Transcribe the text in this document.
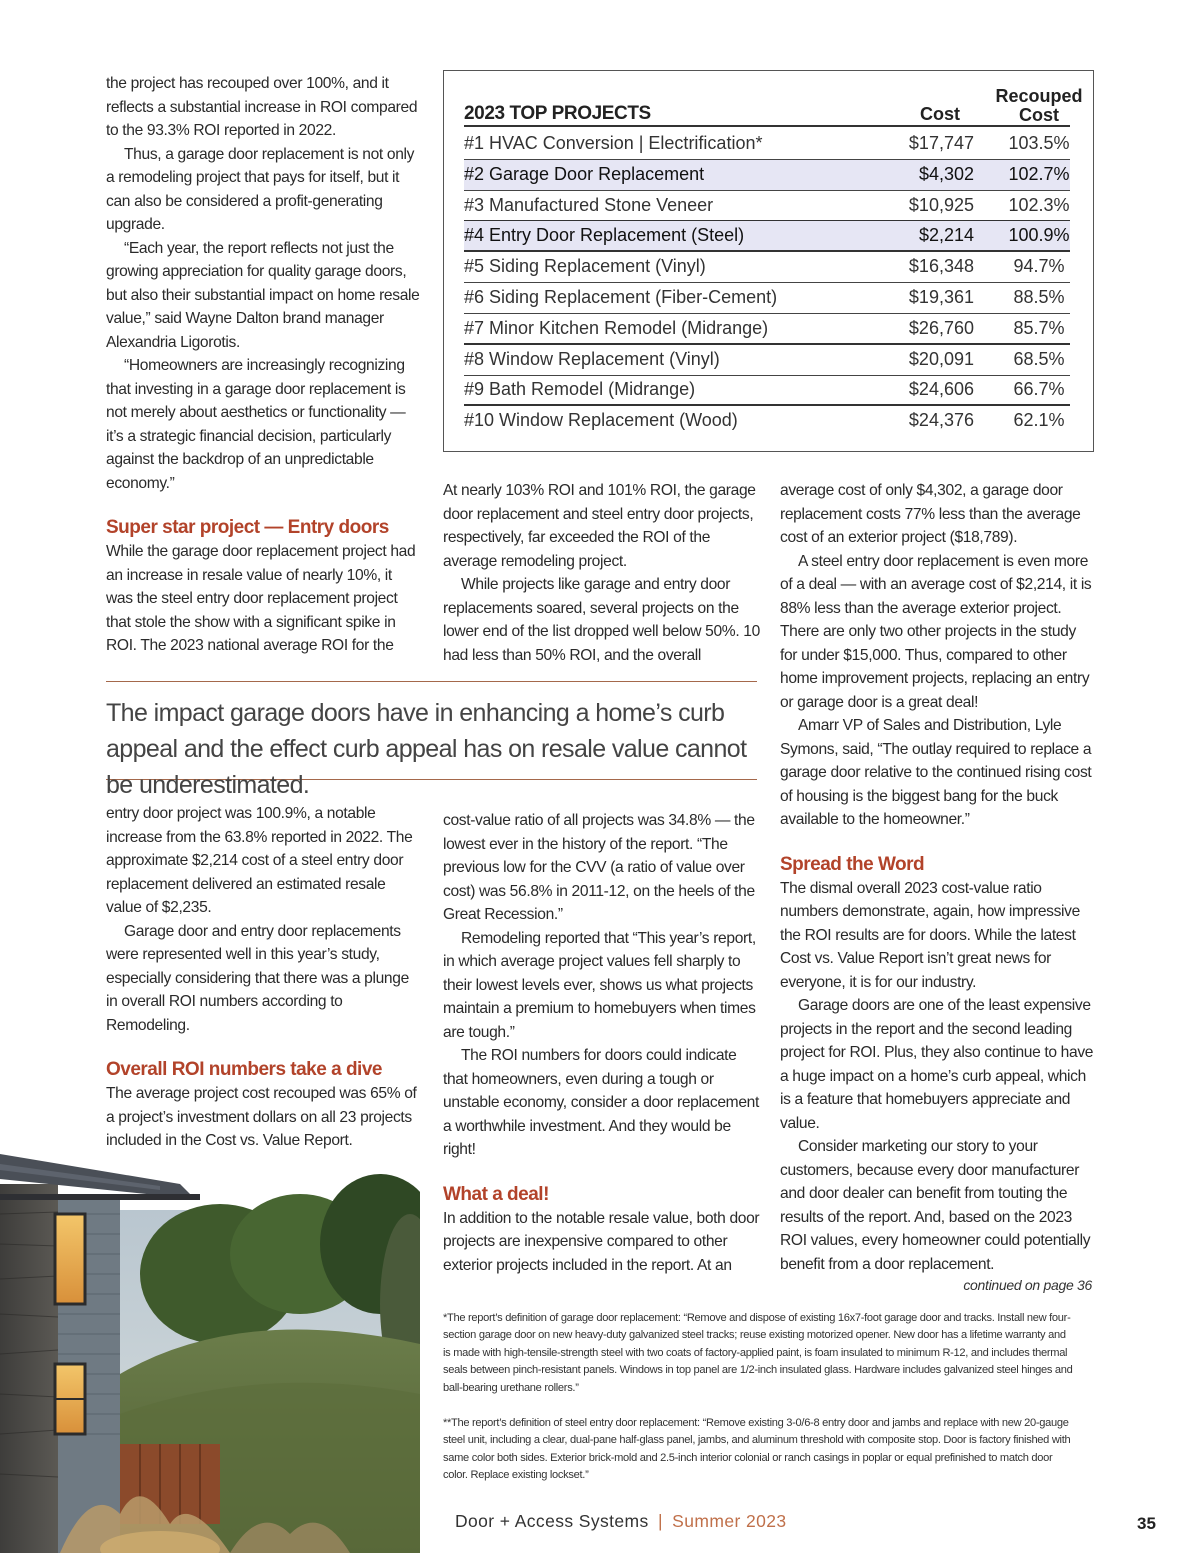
the project has recouped over 100%, and it reflects a substantial increase in ROI compared to the 93.3% ROI reported in 2022.

Thus, a garage door replacement is not only a remodeling project that pays for itself, but it can also be considered a profit-generating upgrade.

“Each year, the report reflects not just the growing appreciation for quality garage doors, but also their substantial impact on home resale value,” said Wayne Dalton brand manager Alexandria Ligorotis.

“Homeowners are increasingly recognizing that investing in a garage door replacement is not merely about aesthetics or functionality — it’s a strategic financial decision, particularly against the backdrop of an unpredictable economy.”

Super star project — Entry doors

While the garage door replacement project had an increase in resale value of nearly 10%, it was the steel entry door replacement project that stole the show with a significant spike in ROI. The 2023 national average ROI for the

2023 TOP PROJECTS	Cost
Recouped
Cost
#1 HVAC Conversion | Electrification*	$17,747	103.5%
#2 Garage Door Replacement	$4,302	102.7%
#3 Manufactured Stone Veneer	$10,925	102.3%
#4 Entry Door Replacement (Steel)	$2,214	100.9%
#5 Siding Replacement (Vinyl)	$16,348	94.7%
#6 Siding Replacement (Fiber-Cement)	$19,361	88.5%
#7 Minor Kitchen Remodel (Midrange)	$26,760	85.7%
#8 Window Replacement (Vinyl)	$20,091	68.5%
#9 Bath Remodel (Midrange)	$24,606	66.7%
#10 Window Replacement (Wood)	$24,376	62.1%

At nearly 103% ROI and 101% ROI, the garage door replacement and steel entry door projects, respectively, far exceeded the ROI of the average remodeling project.

While projects like garage and entry door replacements soared, several projects on the lower end of the list dropped well below 50%. 10 had less than 50% ROI, and the overall

average cost of only $4,302, a garage door replacement costs 77% less than the average cost of an exterior project ($18,789).

A steel entry door replacement is even more of a deal — with an average cost of $2,214, it is 88% less than the average exterior project. There are only two other projects in the study for under $15,000. Thus, compared to other home improvement projects, replacing an entry or garage door is a great deal!

Amarr VP of Sales and Distribution, Lyle Symons, said, “The outlay required to replace a garage door relative to the continued rising cost of housing is the biggest bang for the buck available to the homeowner.”

Spread the Word

The dismal overall 2023 cost-value ratio numbers demonstrate, again, how impressive the ROI results are for doors. While the latest Cost vs. Value Report isn’t great news for everyone, it is for our industry.

Garage doors are one of the least expensive projects in the report and the second leading project for ROI. Plus, they also continue to have a huge impact on a home’s curb appeal, which is a feature that homebuyers appreciate and value.

Consider marketing our story to your customers, because every door manufacturer and door dealer can benefit from touting the results of the report. And, based on the 2023 ROI values, every homeowner could potentially benefit from a door replacement.

continued on page 36
The impact garage doors have in enhancing a home’s curb appeal and the effect curb appeal has on resale value cannot be underestimated.

entry door project was 100.9%, a notable increase from the 63.8% reported in 2022. The approximate $2,214 cost of a steel entry door replacement delivered an estimated resale value of $2,235.

Garage door and entry door replacements were represented well in this year’s study, especially considering that there was a plunge in overall ROI numbers according to Remodeling.

Overall ROI numbers take a dive

The average project cost recouped was 65% of a project’s investment dollars on all 23 projects included in the Cost vs. Value Report.

cost-value ratio of all projects was 34.8% — the lowest ever in the history of the report. “The previous low for the CVV (a ratio of value over cost) was 56.8% in 2011-12, on the heels of the Great Recession.”

Remodeling reported that “This year’s report, in which average project values fell sharply to their lowest levels ever, shows us what projects maintain a premium to homebuyers when times are tough.”

The ROI numbers for doors could indicate that homeowners, even during a tough or unstable economy, consider a door replacement a worthwhile investment. And they would be right!

What a deal!

In addition to the notable resale value, both door projects are inexpensive compared to other exterior projects included in the report. At an

*The report’s definition of garage door replacement: “Remove and dispose of existing 16x7-foot garage door and tracks. Install new four-section garage door on new heavy-duty galvanized steel tracks; reuse existing motorized opener. New door has a lifetime warranty and is made with high-tensile-strength steel with two coats of factory-applied paint, is foam insulated to minimum R-12, and includes thermal seals between pinch-resistant panels. Windows in top panel are 1/2-inch insulated glass. Hardware includes galvanized steel hinges and ball-bearing urethane rollers.”
**The report’s definition of steel entry door replacement: “Remove existing 3-0/6-8 entry door and jambs and replace with new 20-gauge steel unit, including a clear, dual-pane half-glass panel, jambs, and aluminum threshold with composite stop. Door is factory finished with same color both sides. Exterior brick-mold and 2.5-inch interior colonial or ranch casings in poplar or equal prefinished to match door color. Replace existing lockset.”
Door + Access Systems | Summer 2023	35
